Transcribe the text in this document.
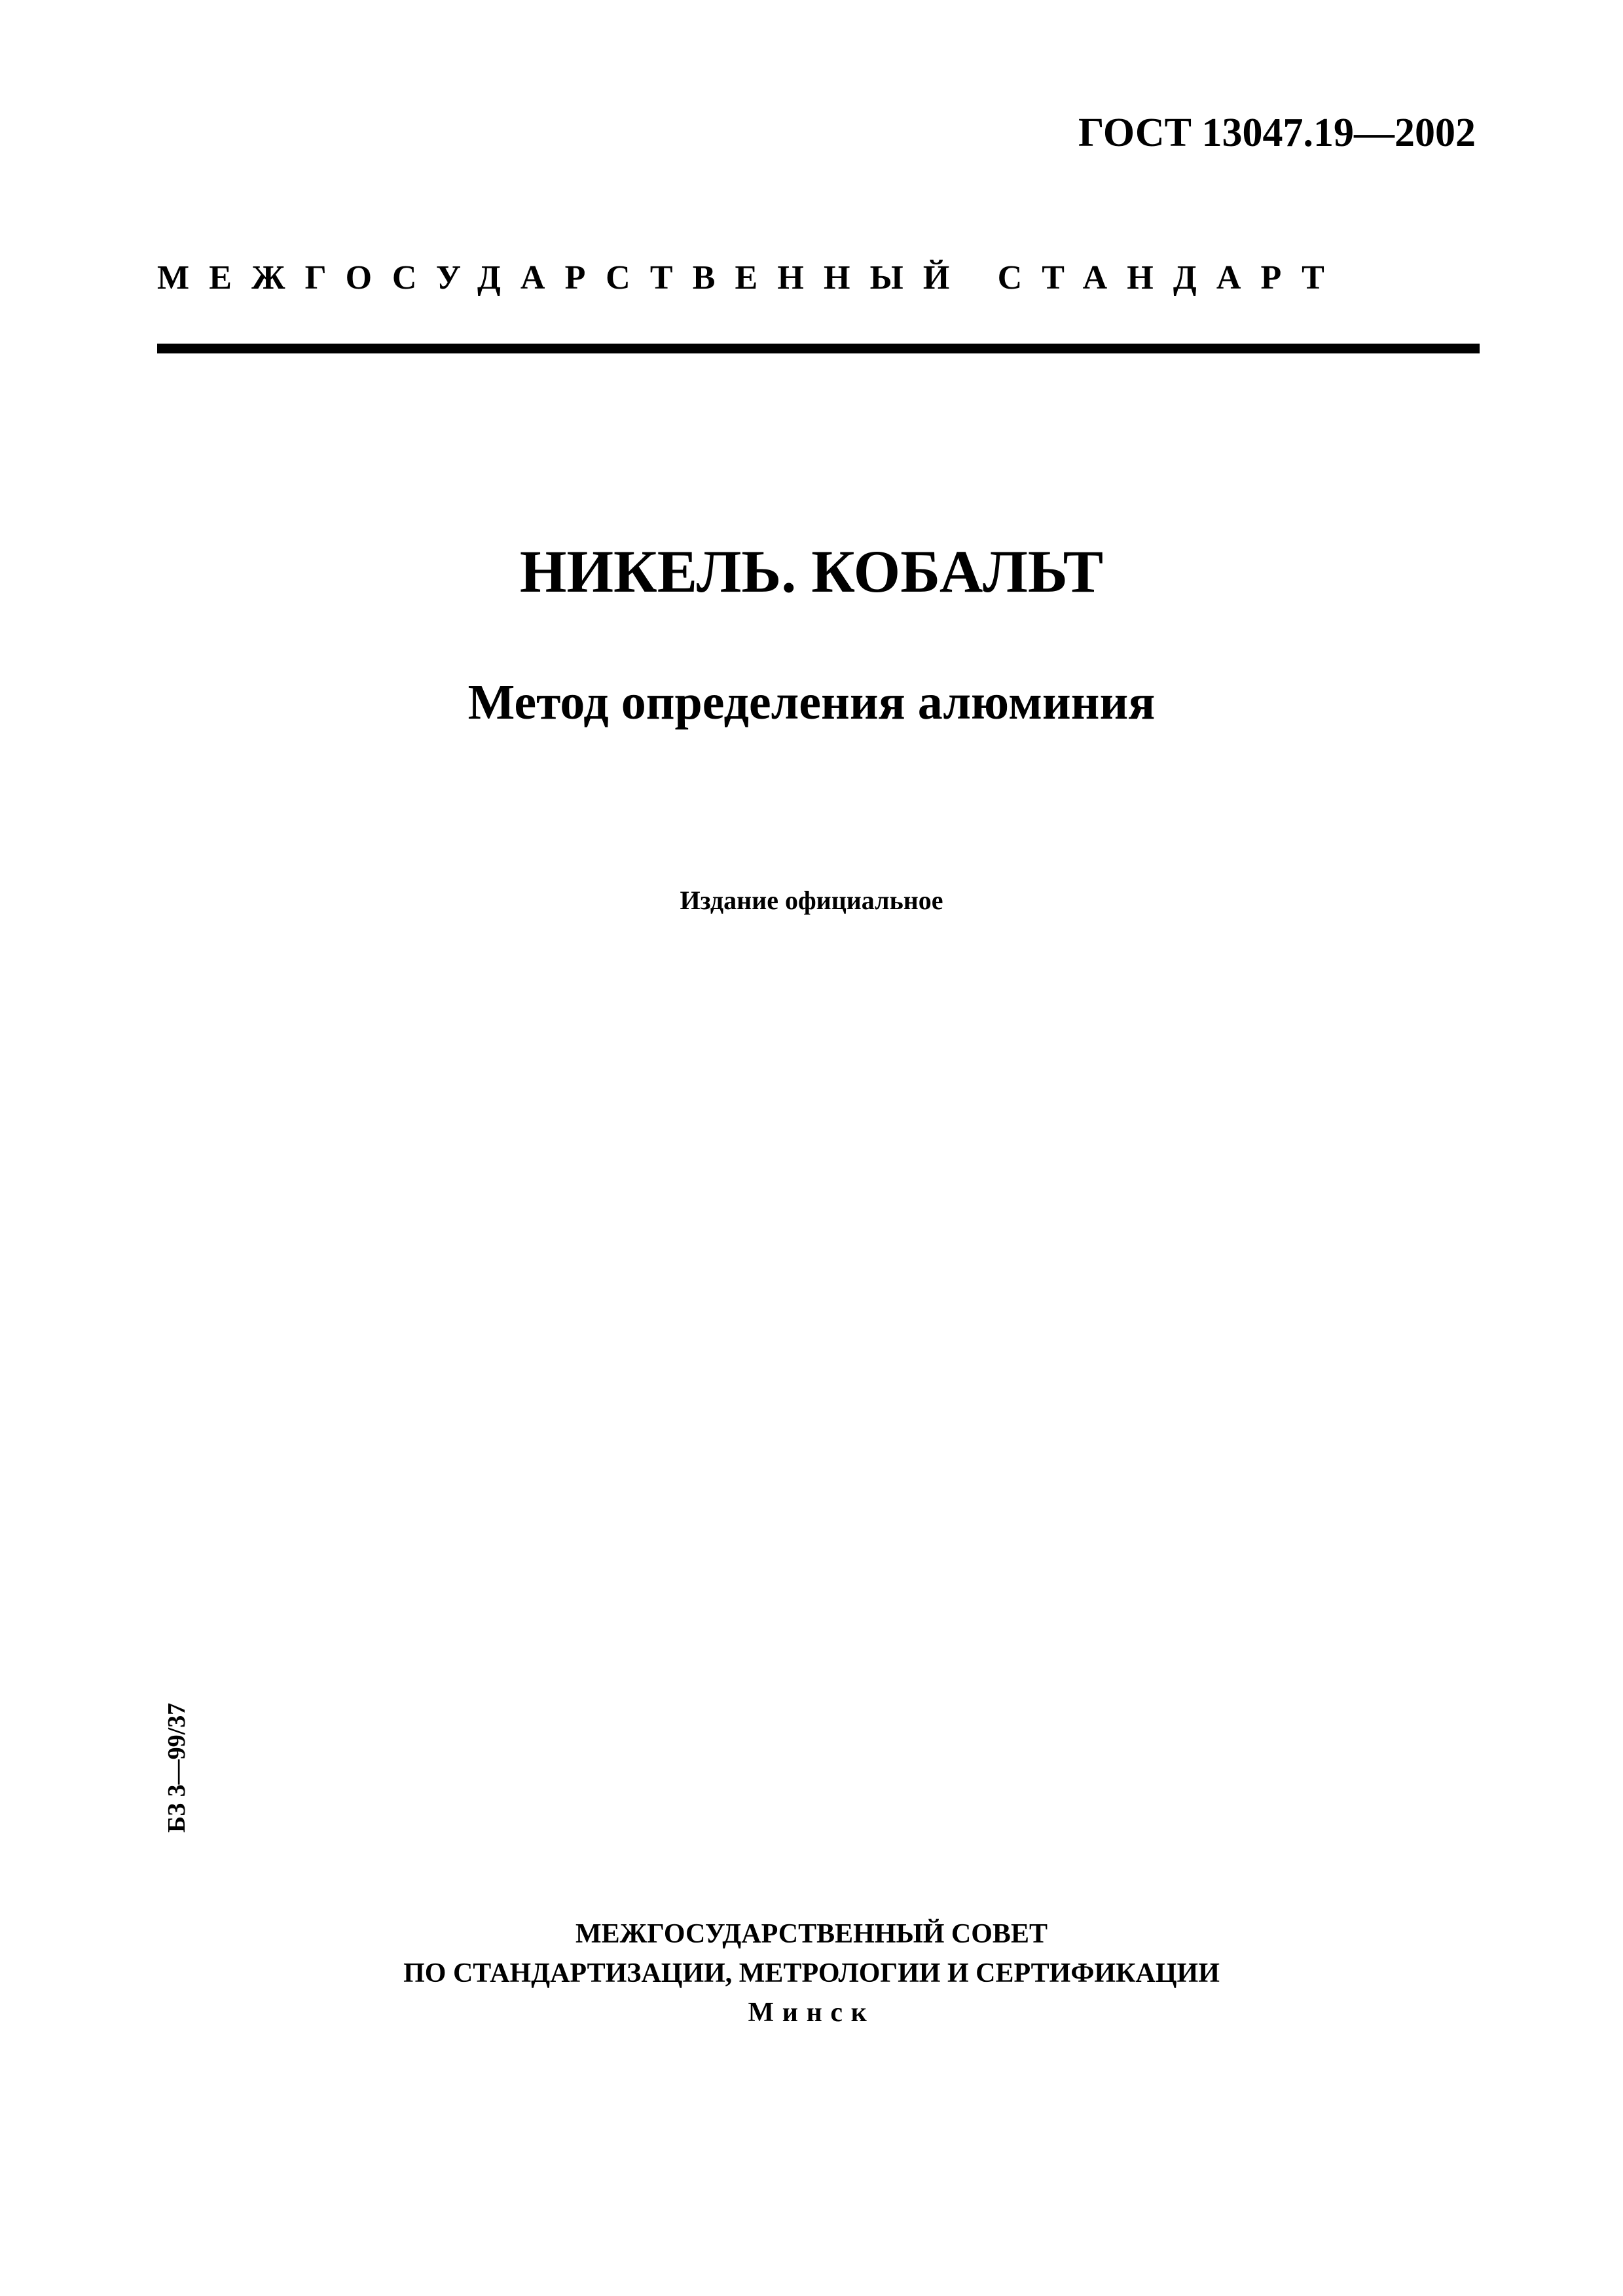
ГОСТ 13047.19—2002
МЕЖГОСУДАРСТВЕННЫЙ СТАНДАРТ
НИКЕЛЬ. КОБАЛЬТ
Метод определения алюминия
Издание официальное
БЗ 3—99/37
МЕЖГОСУДАРСТВЕННЫЙ СОВЕТ
ПО СТАНДАРТИЗАЦИИ, МЕТРОЛОГИИ И СЕРТИФИКАЦИИ
Минск
